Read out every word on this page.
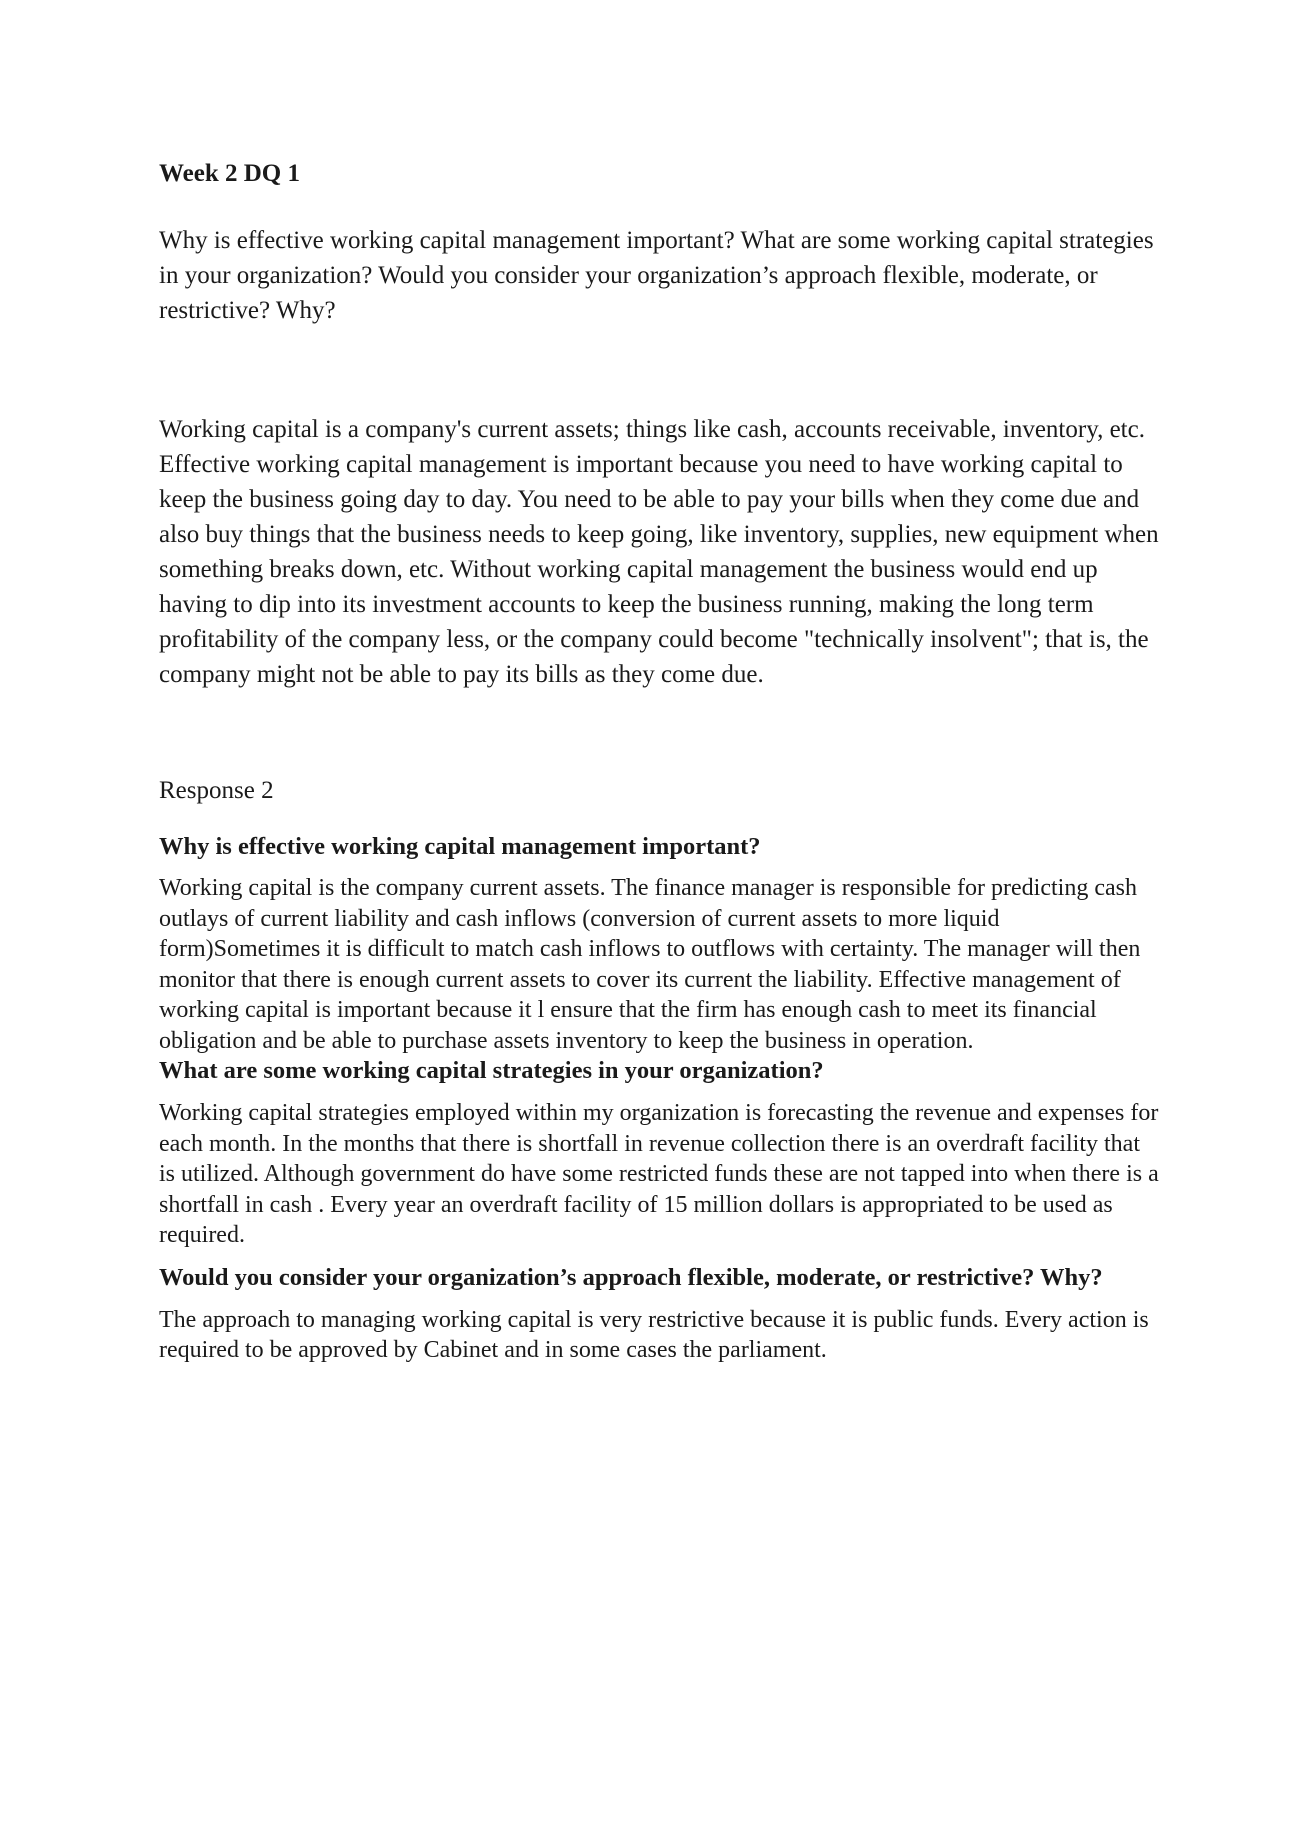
Week 2 DQ 1

Why is effective working capital management important? What are some working capital strategies in your organization? Would you consider your organization’s approach flexible, moderate, or restrictive? Why?

Working capital is a company's current assets; things like cash, accounts receivable, inventory, etc. Effective working capital management is important because you need to have working capital to keep the business going day to day. You need to be able to pay your bills when they come due and also buy things that the business needs to keep going, like inventory, supplies, new equipment when something breaks down, etc. Without working capital management the business would end up having to dip into its investment accounts to keep the business running, making the long term profitability of the company less, or the company could become "technically insolvent"; that is, the company might not be able to pay its bills as they come due.

Response 2

Why is effective working capital management important?

Working capital is the company current assets. The finance manager is responsible for predicting cash outlays of current liability and cash inflows (conversion of current assets to more liquid form)Sometimes it is difficult to match cash inflows to outflows with certainty. The manager will then monitor that there is enough current assets to cover its current the liability. Effective management of working capital is important because it l ensure that the firm has enough cash to meet its financial obligation and be able to purchase assets inventory to keep the business in operation.

What are some working capital strategies in your organization?

Working capital strategies employed within my organization is forecasting the revenue and expenses for each month. In the months that there is shortfall in revenue collection there is an overdraft facility that is utilized. Although government do have some restricted funds these are not tapped into when there is a shortfall in cash . Every year an overdraft facility of 15 million dollars is appropriated to be used as required.

Would you consider your organization’s approach flexible, moderate, or restrictive? Why?

The approach to managing working capital is very restrictive because it is public funds. Every action is required to be approved by Cabinet and in some cases the parliament.
